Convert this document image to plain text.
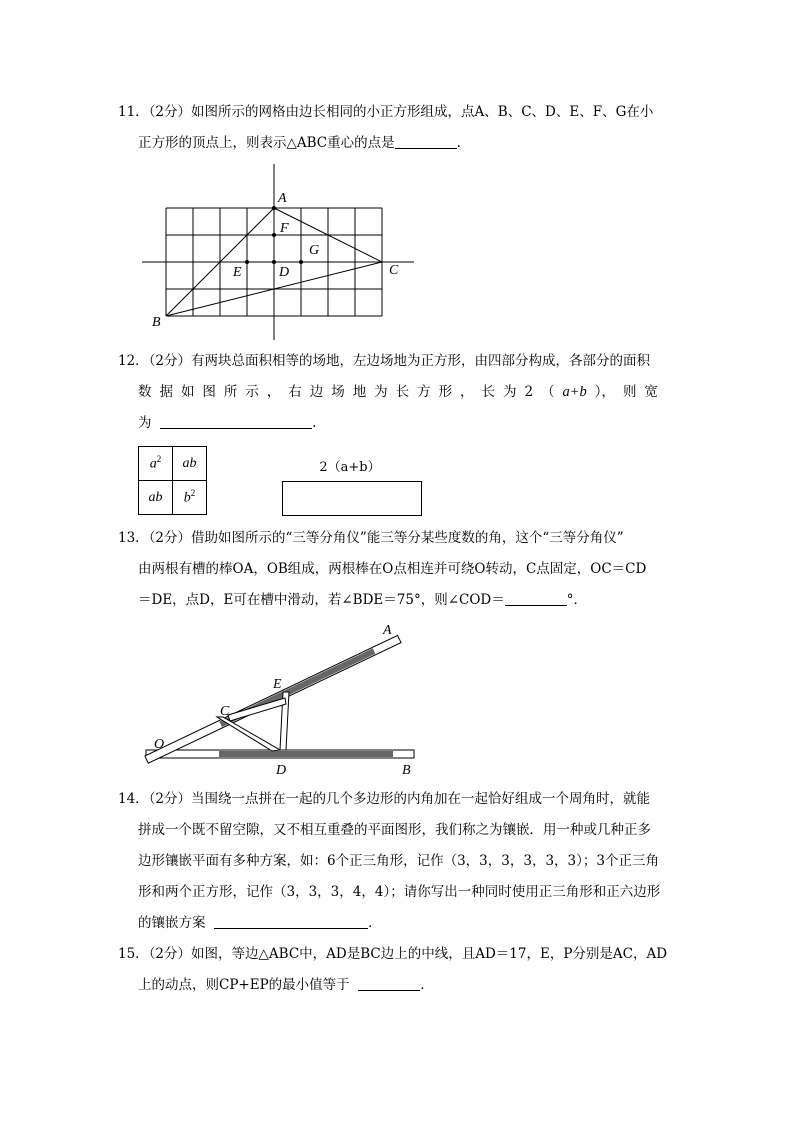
11．（2分）如图所示的网格由边长相同的小正方形组成，点A、B、C、D、E、F、G在小
正方形的顶点上，则表示△ABC重心的点是	.
A
F
G
E	D	C
B
12．（2分）有两块总面积相等的场地，左边场地为正方形，由四部分构成，各部分的面积
数 据 如 图 所 示 ， 右 边 场 地 为 长 方 形 ， 长 为 2 （ a+b ）， 则 宽
为	.
$a^2$	ab
ab	$b^2$
2（a+b）
13．（2分）借助如图所示的“三等分角仪”能三等分某些度数的角，这个“三等分角仪”
由两根有槽的棒OA，OB组成，两根棒在O点相连并可绕O转动，C点固定，OC＝CD
＝DE，点D，E可在槽中滑动，若∠BDE＝75°，则∠COD＝	°．
O
C
E
A
D	B
14．（2分）当围绕一点拼在一起的几个多边形的内角加在一起恰好组成一个周角时，就能
拼成一个既不留空隙，又不相互重叠的平面图形，我们称之为镶嵌．用一种或几种正多
边形镶嵌平面有多种方案，如：6个正三角形，记作（3，3，3，3，3，3）；3个正三角
形和两个正方形，记作（3，3，3，4，4）；请你写出一种同时使用正三角形和正六边形
的镶嵌方案	．
15．（2分）如图，等边△ABC中，AD是BC边上的中线，且AD＝17，E，P分别是AC，AD
上的动点，则CP+EP的最小值等于	．
